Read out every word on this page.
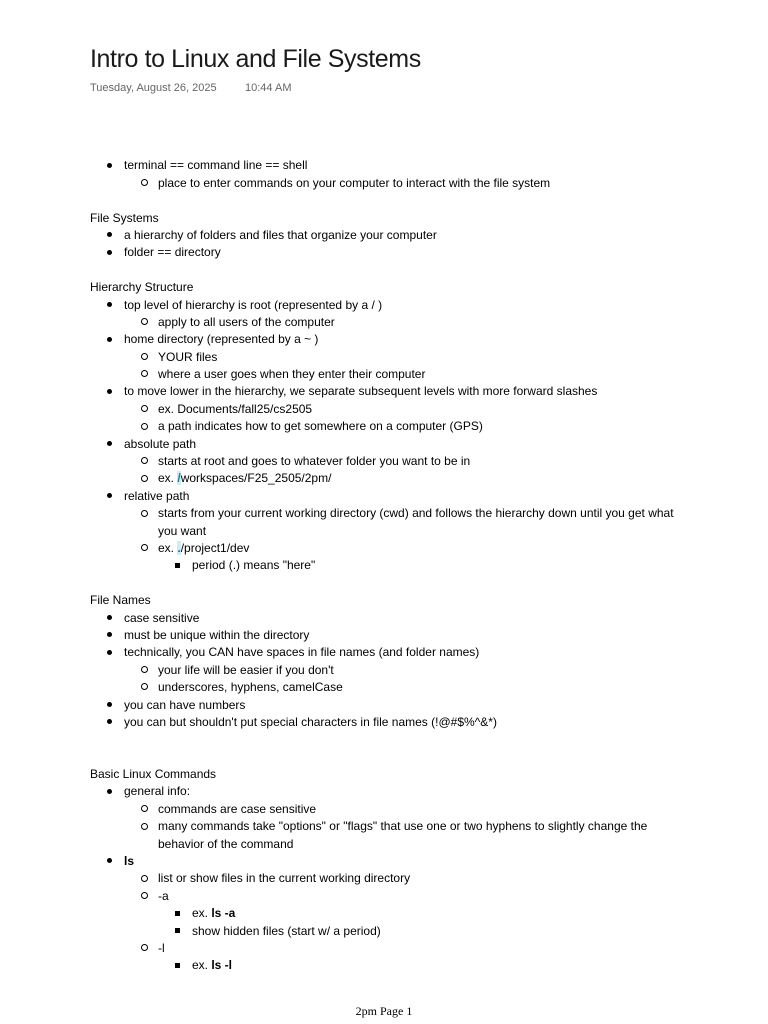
Intro to Linux and File Systems
Tuesday, August 26, 2025	10:44 AM
terminal == command line == shell
place to enter commands on your computer to interact with the file system
File Systems
a hierarchy of folders and files that organize your computer
folder == directory
Hierarchy Structure
top level of hierarchy is root (represented by a / )
apply to all users of the computer
home directory (represented by a ~ )
YOUR files
where a user goes when they enter their computer
to move lower in the hierarchy, we separate subsequent levels with more forward slashes
ex. Documents/fall25/cs2505
a path indicates how to get somewhere on a computer (GPS)
absolute path
starts at root and goes to whatever folder you want to be in
ex. /workspaces/F25_2505/2pm/
relative path
starts from your current working directory (cwd) and follows the hierarchy down until you get what you want
ex. ./project1/dev
period (.) means "here"
File Names
case sensitive
must be unique within the directory
technically, you CAN have spaces in file names (and folder names)
your life will be easier if you don't
underscores, hyphens, camelCase
you can have numbers
you can but shouldn't put special characters in file names (!@#$%^&*)
Basic Linux Commands
general info:
commands are case sensitive
many commands take "options" or "flags" that use one or two hyphens to slightly change the behavior of the command
ls
list or show files in the current working directory
-a
ex. ls -a
show hidden files (start w/ a period)
-l
ex. ls -l
2pm Page 1
